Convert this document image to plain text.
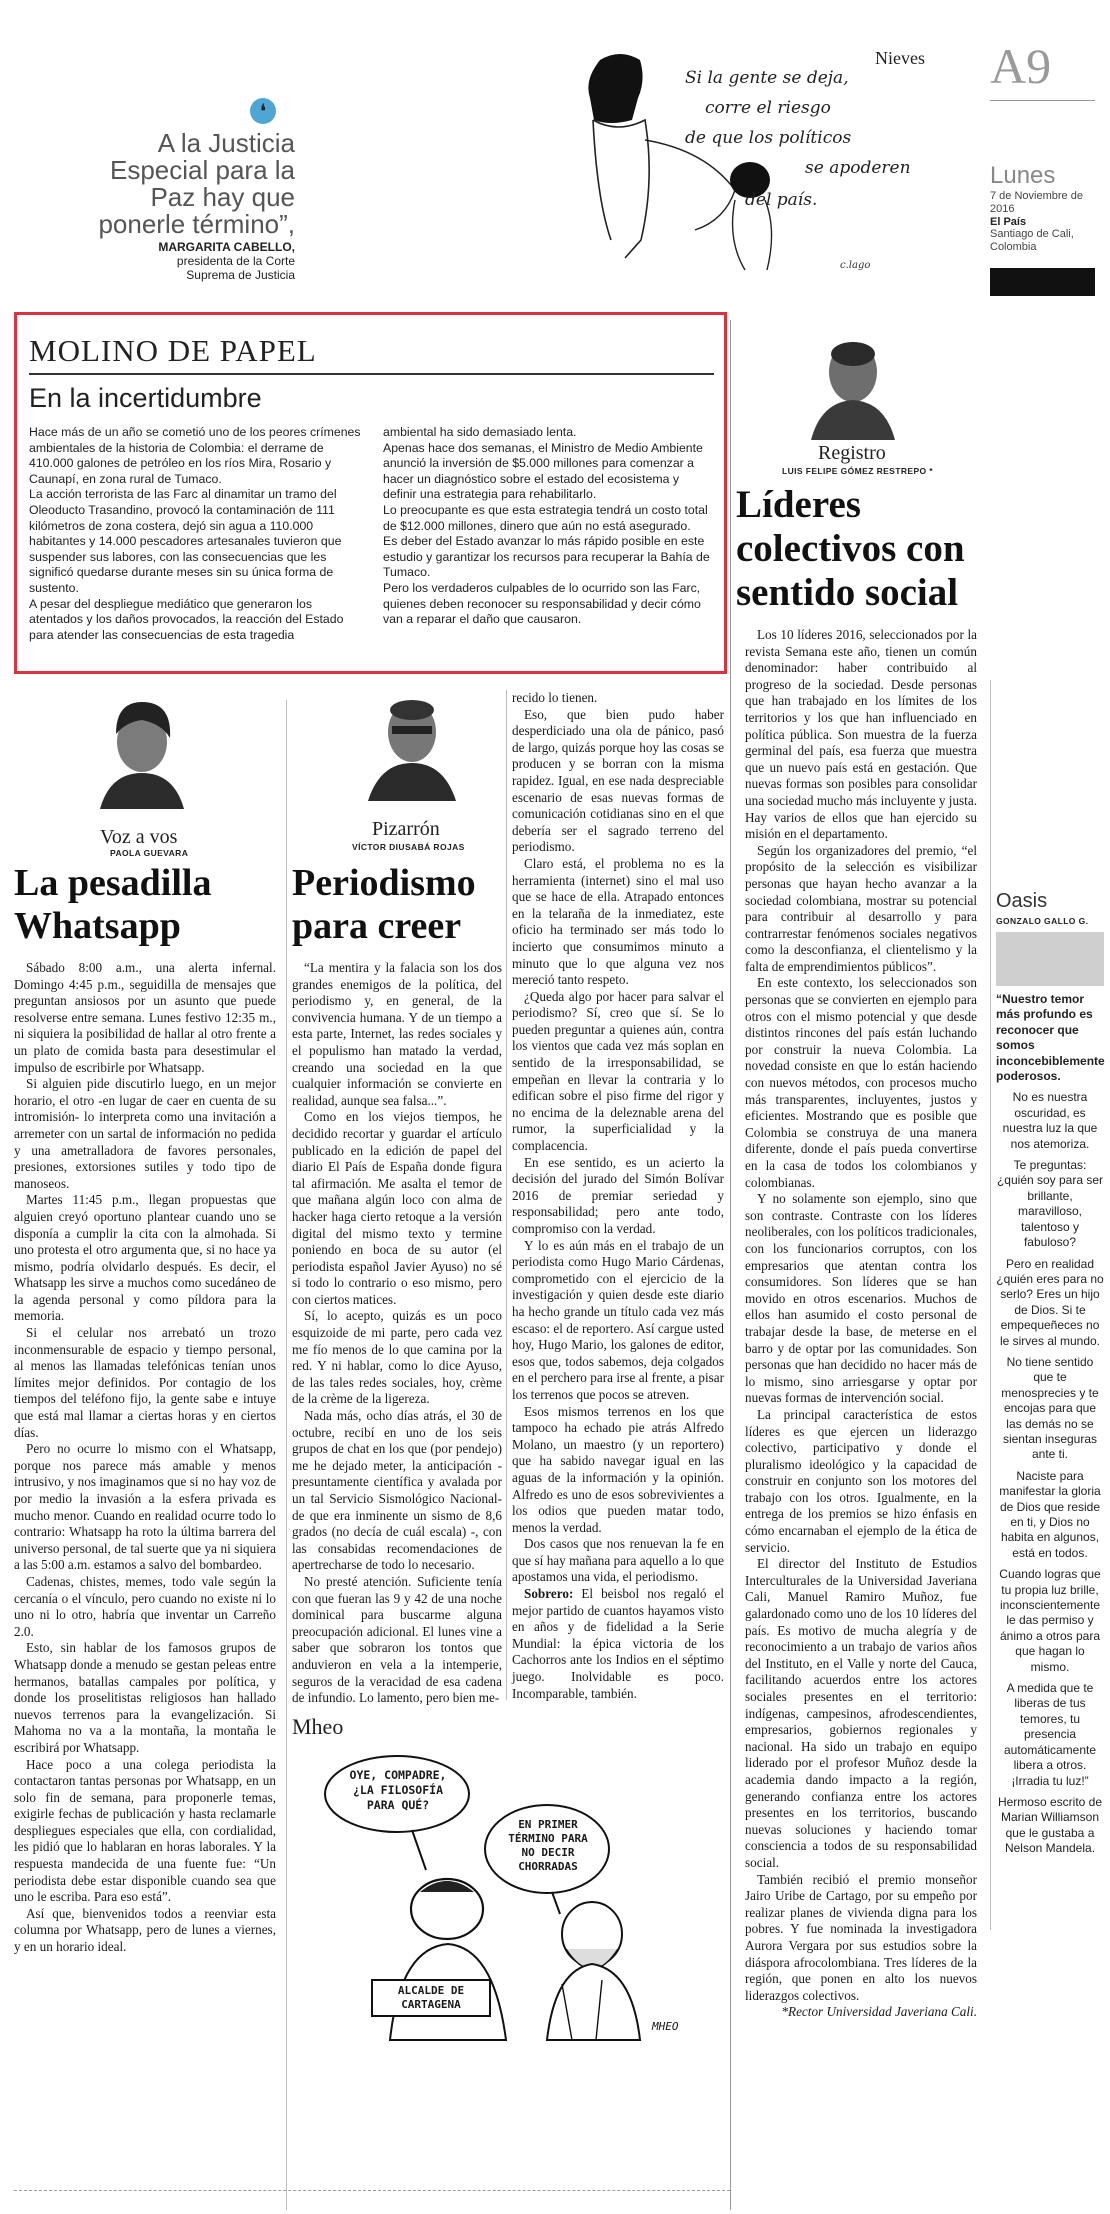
❛
A la Justicia Especial para la Paz hay que ponerle término”,
MARGARITA CABELLO,
presidenta de la Corte Suprema de Justicia
Nieves
Si la gente se deja,
corre el riesgo
de que los políticos
se apoderen
del país.
c.lago
A9
Lunes
7 de Noviembre de 2016
El País
Santiago de Cali, Colombia
MOLINO DE PAPEL
En la incertidumbre

Hace más de un año se cometió uno de los peores crímenes ambientales de la historia de Colombia: el derrame de 410.000 galones de petróleo en los ríos Mira, Rosario y Caunapí, en zona rural de Tumaco.

La acción terrorista de las Farc al dinamitar un tramo del Oleoducto Trasandino, provocó la contaminación de 111 kilómetros de zona costera, dejó sin agua a 110.000 habitantes y 14.000 pescadores artesanales tuvieron que suspender sus labores, con las consecuencias que les significó quedarse durante meses sin su única forma de sustento.

A pesar del despliegue mediático que generaron los atentados y los daños provocados, la reacción del Estado para atender las consecuencias de esta tragedia

ambiental ha sido demasiado lenta.

Apenas hace dos semanas, el Ministro de Medio Ambiente anunció la inversión de $5.000 millones para comenzar a hacer un diagnóstico sobre el estado del ecosistema y definir una estrategia para rehabilitarlo.

Lo preocupante es que esta estrategia tendrá un costo total de $12.000 millones, dinero que aún no está asegurado.

Es deber del Estado avanzar lo más rápido posible en este estudio y garantizar los recursos para recuperar la Bahía de Tumaco.

Pero los verdaderos culpables de lo ocurrido son las Farc, quienes deben reconocer su responsabilidad y decir cómo van a reparar el daño que causaron.

Registro
LUIS FELIPE GÓMEZ RESTREPO *
Líderes colectivos con sentido social

Los 10 líderes 2016, seleccionados por la revista Semana este año, tienen un común denominador: haber contribuido al progreso de la sociedad. Desde personas que han trabajado en los límites de los territorios y los que han influenciado en política pública. Son muestra de la fuerza germinal del país, esa fuerza que muestra que un nuevo país está en gestación. Que nuevas formas son posibles para consolidar una sociedad mucho más incluyente y justa. Hay varios de ellos que han ejercido su misión en el departamento.

Según los organizadores del premio, “el propósito de la selección es visibilizar personas que hayan hecho avanzar a la sociedad colombiana, mostrar su potencial para contribuir al desarrollo y para contrarrestar fenómenos sociales negativos como la desconfianza, el clientelismo y la falta de emprendimientos públicos”.

En este contexto, los seleccionados son personas que se convierten en ejemplo para otros con el mismo potencial y que desde distintos rincones del país están luchando por construir la nueva Colombia. La novedad consiste en que lo están haciendo con nuevos métodos, con procesos mucho más transparentes, incluyentes, justos y eficientes. Mostrando que es posible que Colombia se construya de una manera diferente, donde el país pueda convertirse en la casa de todos los colombianos y colombianas.

Y no solamente son ejemplo, sino que son contraste. Contraste con los líderes neoliberales, con los políticos tradicionales, con los funcionarios corruptos, con los empresarios que atentan contra los consumidores. Son líderes que se han movido en otros escenarios. Muchos de ellos han asumido el costo personal de trabajar desde la base, de meterse en el barro y de optar por las comunidades. Son personas que han decidido no hacer más de lo mismo, sino arriesgarse y optar por nuevas formas de intervención social.

La principal característica de estos líderes es que ejercen un liderazgo colectivo, participativo y donde el pluralismo ideológico y la capacidad de construir en conjunto son los motores del trabajo con los otros. Igualmente, en la entrega de los premios se hizo énfasis en cómo encarnaban el ejemplo de la ética de servicio.

El director del Instituto de Estudios Interculturales de la Universidad Javeriana Cali, Manuel Ramiro Muñoz, fue galardonado como uno de los 10 líderes del país. Es motivo de mucha alegría y de reconocimiento a un trabajo de varios años del Instituto, en el Valle y norte del Cauca, facilitando acuerdos entre los actores sociales presentes en el territorio: indígenas, campesinos, afrodescendientes, empresarios, gobiernos regionales y nacional. Ha sido un trabajo en equipo liderado por el profesor Muñoz desde la academia dando impacto a la región, generando confianza entre los actores presentes en los territorios, buscando nuevas soluciones y haciendo tomar consciencia a todos de su responsabilidad social.

También recibió el premio monseñor Jairo Uribe de Cartago, por su empeño por realizar planes de vivienda digna para los pobres. Y fue nominada la investigadora Aurora Vergara por sus estudios sobre la diáspora afrocolombiana. Tres líderes de la región, que ponen en alto los nuevos liderazgos colectivos.

*Rector Universidad Javeriana Cali.

Oasis
GONZALO GALLO G.

“Nuestro temor más profundo es reconocer que somos inconcebiblemente poderosos.

No es nuestra oscuridad, es nuestra luz la que nos atemoriza.

Te preguntas: ¿quién soy para ser brillante, maravilloso, talentoso y fabuloso?

Pero en realidad ¿quién eres para no serlo? Eres un hijo de Dios. Si te empequeñeces no le sirves al mundo.

No tiene sentido que te menosprecies y te encojas para que las demás no se sientan inseguras ante ti.

Naciste para manifestar la gloria de Dios que reside en ti, y Dios no habita en algunos, está en todos.

Cuando logras que tu propia luz brille, inconscientemente le das permiso y ánimo a otros para que hagan lo mismo.

A medida que te liberas de tus temores, tu presencia automáticamente libera a otros. ¡Irradia tu luz!”

Hermoso escrito de Marian Williamson que le gustaba a Nelson Mandela.

Voz a vos
PAOLA GUEVARA
La pesadilla Whatsapp

Sábado 8:00 a.m., una alerta infernal. Domingo 4:45 p.m., seguidilla de mensajes que preguntan ansiosos por un asunto que puede resolverse entre semana. Lunes festivo 12:35 m., ni siquiera la posibilidad de hallar al otro frente a un plato de comida basta para desestimular el impulso de escribirle por Whatsapp.

Si alguien pide discutirlo luego, en un mejor horario, el otro -en lugar de caer en cuenta de su intromisión- lo interpreta como una invitación a arremeter con un sartal de información no pedida y una ametralladora de favores personales, presiones, extorsiones sutiles y todo tipo de manoseos.

Martes 11:45 p.m., llegan propuestas que alguien creyó oportuno plantear cuando uno se disponía a cumplir la cita con la almohada. Si uno protesta el otro argumenta que, si no hace ya mismo, podría olvidarlo después. Es decir, el Whatsapp les sirve a muchos como sucedáneo de la agenda personal y como píldora para la memoria.

Si el celular nos arrebató un trozo inconmensurable de espacio y tiempo personal, al menos las llamadas telefónicas tenían unos límites mejor definidos. Por contagio de los tiempos del teléfono fijo, la gente sabe e intuye que está mal llamar a ciertas horas y en ciertos días.

Pero no ocurre lo mismo con el Whatsapp, porque nos parece más amable y menos intrusivo, y nos imaginamos que si no hay voz de por medio la invasión a la esfera privada es mucho menor. Cuando en realidad ocurre todo lo contrario: Whatsapp ha roto la última barrera del universo personal, de tal suerte que ya ni siquiera a las 5:00 a.m. estamos a salvo del bombardeo.

Cadenas, chistes, memes, todo vale según la cercanía o el vínculo, pero cuando no existe ni lo uno ni lo otro, habría que inventar un Carreño 2.0.

Esto, sin hablar de los famosos grupos de Whatsapp donde a menudo se gestan peleas entre hermanos, batallas campales por política, y donde los proselitistas religiosos han hallado nuevos terrenos para la evangelización. Si Mahoma no va a la montaña, la montaña le escribirá por Whatsapp.

Hace poco a una colega periodista la contactaron tantas personas por Whatsapp, en un solo fin de semana, para proponerle temas, exigirle fechas de publicación y hasta reclamarle despliegues especiales que ella, con cordialidad, les pidió que lo hablaran en horas laborales. Y la respuesta mandecida de una fuente fue: “Un periodista debe estar disponible cuando sea que uno le escriba. Para eso está”.

Así que, bienvenidos todos a reenviar esta columna por Whatsapp, pero de lunes a viernes, y en un horario ideal.

Pizarrón
VÍCTOR DIUSABÁ ROJAS
Periodismo para creer

“La mentira y la falacia son los dos grandes enemigos de la política, del periodismo y, en general, de la convivencia humana. Y de un tiempo a esta parte, Internet, las redes sociales y el populismo han matado la verdad, creando una sociedad en la que cualquier información se convierte en realidad, aunque sea falsa...”.

Como en los viejos tiempos, he decidido recortar y guardar el artículo publicado en la edición de papel del diario El País de España donde figura tal afirmación. Me asalta el temor de que mañana algún loco con alma de hacker haga cierto retoque a la versión digital del mismo texto y termine poniendo en boca de su autor (el periodista español Javier Ayuso) no sé si todo lo contrario o eso mismo, pero con ciertos matices.

Sí, lo acepto, quizás es un poco esquizoide de mi parte, pero cada vez me fío menos de lo que camina por la red. Y ni hablar, como lo dice Ayuso, de las tales redes sociales, hoy, crème de la crème de la ligereza.

Nada más, ocho días atrás, el 30 de octubre, recibí en uno de los seis grupos de chat en los que (por pendejo) me he dejado meter, la anticipación -presuntamente científica y avalada por un tal Servicio Sismológico Nacional- de que era inminente un sismo de 8,6 grados (no decía de cuál escala) -, con las consabidas recomendaciones de apertrecharse de todo lo necesario.

No presté atención. Suficiente tenía con que fueran las 9 y 42 de una noche dominical para buscarme alguna preocupación adicional. El lunes vine a saber que sobraron los tontos que anduvieron en vela a la intemperie, seguros de la veracidad de esa cadena de infundio. Lo lamento, pero bien me-

recido lo tienen.

Eso, que bien pudo haber desperdiciado una ola de pánico, pasó de largo, quizás porque hoy las cosas se producen y se borran con la misma rapidez. Igual, en ese nada despreciable escenario de esas nuevas formas de comunicación cotidianas sino en el que debería ser el sagrado terreno del periodismo.

Claro está, el problema no es la herramienta (internet) sino el mal uso que se hace de ella. Atrapado entonces en la telaraña de la inmediatez, este oficio ha terminado ser más todo lo incierto que consumimos minuto a minuto que lo que alguna vez nos mereció tanto respeto.

¿Queda algo por hacer para salvar el periodismo? Sí, creo que sí. Se lo pueden preguntar a quienes aún, contra los vientos que cada vez más soplan en sentido de la irresponsabilidad, se empeñan en llevar la contraria y lo edifican sobre el piso firme del rigor y no encima de la deleznable arena del rumor, la superficialidad y la complacencia.

En ese sentido, es un acierto la decisión del jurado del Simón Bolívar 2016 de premiar seriedad y responsabilidad; pero ante todo, compromiso con la verdad.

Y lo es aún más en el trabajo de un periodista como Hugo Mario Cárdenas, comprometido con el ejercicio de la investigación y quien desde este diario ha hecho grande un título cada vez más escaso: el de reportero. Así cargue usted hoy, Hugo Mario, los galones de editor, esos que, todos sabemos, deja colgados en el perchero para irse al frente, a pisar los terrenos que pocos se atreven.

Esos mismos terrenos en los que tampoco ha echado pie atrás Alfredo Molano, un maestro (y un reportero) que ha sabido navegar igual en las aguas de la información y la opinión. Alfredo es uno de esos sobrevivientes a los odios que pueden matar todo, menos la verdad.

Dos casos que nos renuevan la fe en que sí hay mañana para aquello a lo que apostamos una vida, el periodismo.

Sobrero: El beisbol nos regaló el mejor partido de cuantos hayamos visto en años y de fidelidad a la Serie Mundial: la épica victoria de los Cachorros ante los Indios en el séptimo juego. Inolvidable es poco. Incomparable, también.

Mheo
OYE, COMPADRE, ¿LA FILOSOFÍA PARA QUÉ?
EN PRIMER TÉRMINO PARA NO DECIR CHORRADAS
ALCALDE DE CARTAGENA
MHEO
